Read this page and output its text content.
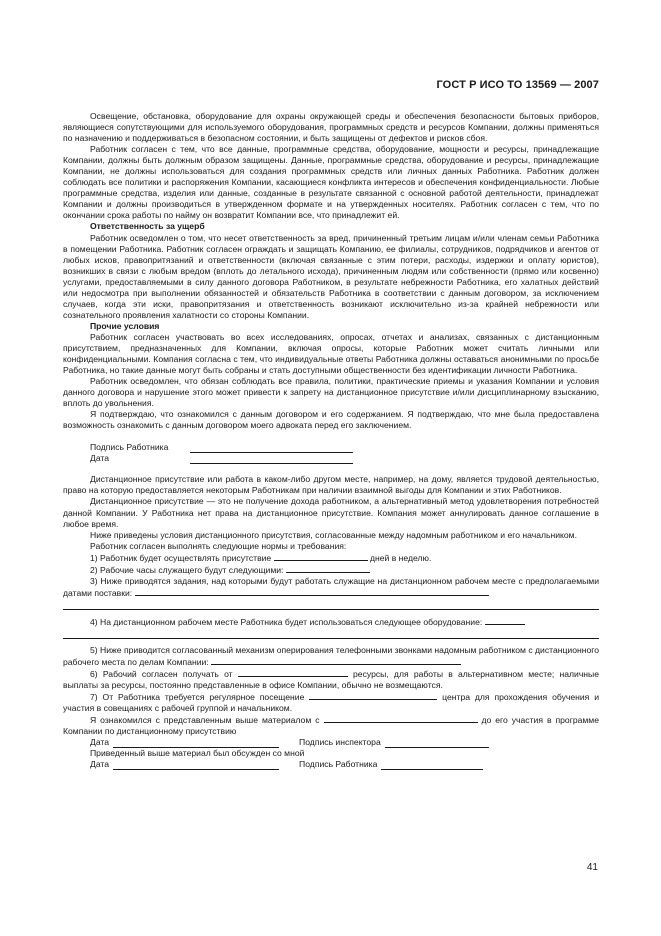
ГОСТ Р ИСО ТО 13569 — 2007

Освещение, обстановка, оборудование для охраны окружающей среды и обеспечения безопасности бытовых приборов, являющиеся сопутствующими для используемого оборудования, программных средств и ресурсов Компании, должны применяться по назначению и поддерживаться в безопасном состоянии, и быть защищены от дефектов и рисков сбоя.

Работник согласен с тем, что все данные, программные средства, оборудование, мощности и ресурсы, принадлежащие Компании, должны быть должным образом защищены. Данные, программные средства, оборудование и ресурсы, принадлежащие Компании, не должны использоваться для создания программных средств или личных данных Работника. Работник должен соблюдать все политики и распоряжения Компании, касающиеся конфликта интересов и обеспечения конфиденциальности. Любые программные средства, изделия или данные, созданные в результате связанной с основной работой деятельности, принадлежат Компании и должны производиться в утвержденном формате и на утвержденных носителях. Работник согласен с тем, что по окончании срока работы по найму он возвратит Компании все, что принадлежит ей.

Ответственность за ущерб

Работник осведомлен о том, что несет ответственность за вред, причиненный третьим лицам и/или членам семьи Работника в помещении Работника. Работник согласен ограждать и защищать Компанию, ее филиалы, сотрудников, подрядчиков и агентов от любых исков, правопритязаний и ответственности (включая связанные с этим потери, расходы, издержки и оплату юристов), возникших в связи с любым вредом (вплоть до летального исхода), причиненным людям или собственности (прямо или косвенно) услугами, предоставляемыми в силу данного договора Работником, в результате небрежности Работника, его халатных действий или недосмотра при выполнении обязанностей и обязательств Работника в соответствии с данным договором, за исключением случаев, когда эти иски, правопритязания и ответственность возникают исключительно из-за крайней небрежности или сознательного проявления халатности со стороны Компании.

Прочие условия

Работник согласен участвовать во всех исследованиях, опросах, отчетах и анализах, связанных с дистанционным присутствием, предназначенных для Компании, включая опросы, которые Работник может считать личными или конфиденциальными. Компания согласна с тем, что индивидуальные ответы Работника должны оставаться анонимными по просьбе Работника, но такие данные могут быть собраны и стать доступными общественности без идентификации личности Работника.

Работник осведомлен, что обязан соблюдать все правила, политики, практические приемы и указания Компании и условия данного договора и нарушение этого может привести к запрету на дистанционное присутствие и/или дисциплинарному взысканию, вплоть до увольнения.

Я подтверждаю, что ознакомился с данным договором и его содержанием. Я подтверждаю, что мне была предоставлена возможность ознакомить с данным договором моего адвоката перед его заключением.

Подпись Работника
Дата

Дистанционное присутствие или работа в каком-либо другом месте, например, на дому, является трудовой деятельностью, право на которую предоставляется некоторым Работникам при наличии взаимной выгоды для Компании и этих Работников.

Дистанционное присутствие — это не получение дохода работником, а альтернативный метод удовлетворения потребностей данной Компании. У Работника нет права на дистанционное присутствие. Компания может аннулировать данное соглашение в любое время.

Ниже приведены условия дистанционного присутствия, согласованные между надомным работником и его начальником.

Работник согласен выполнять следующие нормы и требования:

1) Работник будет осуществлять присутствие	дней в неделю.

2) Рабочие часы служащего будут следующими:

3) Ниже приводятся задания, над которыми будут работать служащие на дистанционном рабочем месте с предполагаемыми датами поставки:

4) На дистанционном рабочем месте Работника будет использоваться следующее оборудование:

5) Ниже приводится согласованный механизм оперирования телефонными звонками надомным работником с дистанционного рабочего места по делам Компании:

6) Рабочий согласен получать от	ресурсы, для работы в альтернативном месте; наличные выплаты за ресурсы, постоянно представленные в офисе Компании, обычно не возмещаются.

7) От Работника требуется регулярное посещение	центра для прохождения обучения и участия в совещаниях с рабочей группой и начальником.

Я ознакомился с представленным выше материалом с	до его участия в программе Компании по дистанционному присутствию

Дата	Подпись инспектора
Приведенный выше материал был обсужден со мной
Дата	Подпись Работника
41
